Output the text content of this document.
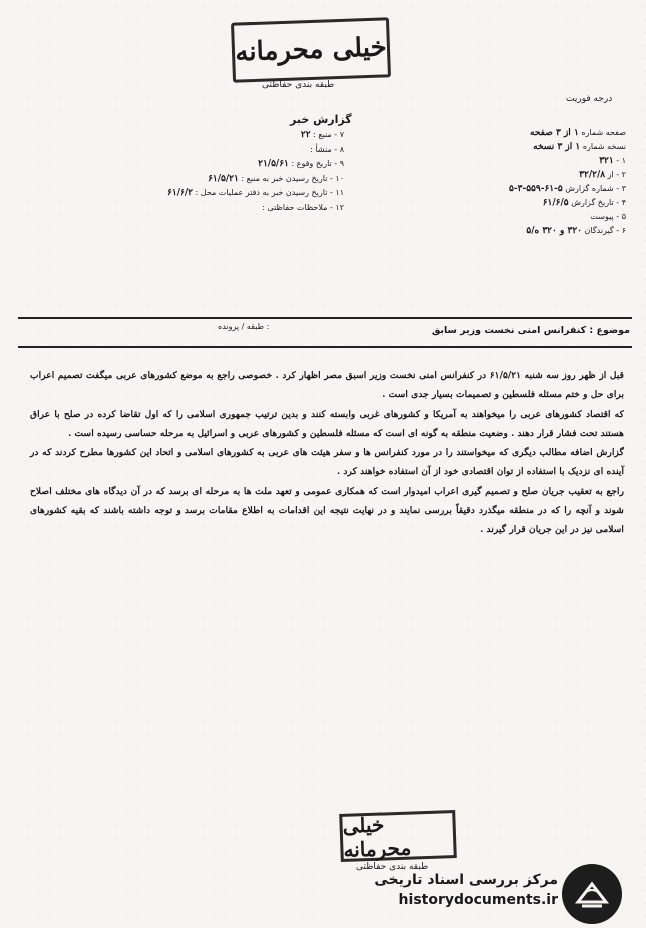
خیلی محرمانه
طبقه بندی حفاظتی
درجه فوریت
گزارش خبر
۷ - منبع : ۲۲
۸ - منشأ :
۹ - تاریخ وقوع : ۲۱/۵/۶۱
۱۰ - تاریخ رسیدن خبر به منبع : ۶۱/۵/۲۱
۱۱ - تاریخ رسیدن خبر به دفتر عملیات محل : ۶۱/۶/۲
۱۲ - ملاحظات حفاظتی :
صفحه شماره ۱ از ۳ صفحه
نسخه شماره ۱ از ۳ نسخه
۱ - ۳۲۱
۲ - از ۳۲/۲/۸
۳ - شماره گزارش ۵-۶۱-۵۵۹-۳-۵
۴ - تاریخ گزارش ۶۱/۶/۵
۵ - پیوست
۶ - گیرندگان ۳۲۰ و ۳۲۰ ه/۵
طبقه / پرونده :	موضوع : کنفرانس امنی نخست وزیر سابق

قبل از ظهر روز سه شنبه ۶۱/۵/۲۱ در کنفرانس امنی نخست وزیر اسبق مصر اظهار کرد . خصوصی راجع به موضع کشورهای عربی میگفت تصمیم اعراب برای حل و ختم مسئله فلسطین و تصمیمات بسیار جدی است .

که اقتصاد کشورهای عربی را میخواهند به آمریکا و کشورهای غربی وابسته کنند و بدین ترتیب جمهوری اسلامی را که اول تقاضا کرده در صلح با عراق هستند تحت فشار قرار دهند . وضعیت منطقه به گونه ای است که مسئله فلسطین و کشورهای عربی و اسرائیل به مرحله حساسی رسیده است .

گزارش اضافه مطالب دیگری که میخواستند را در مورد کنفرانس ها و سفر هیئت های عربی به کشورهای اسلامی و اتحاد این کشورها مطرح کردند که در آینده ای نزدیک با استفاده از توان اقتصادی خود از آن استفاده خواهند کرد .

راجع به تعقیب جریان صلح و تصمیم گیری اعراب امیدوار است که همکاری عمومی و تعهد ملت ها به مرحله ای برسد که در آن دیدگاه های مختلف اصلاح شوند و آنچه را که در منطقه میگذرد دقیقاً بررسی نمایند و در نهایت نتیجه این اقدامات به اطلاع مقامات برسد و توجه داشته باشند که بقیه کشورهای اسلامی نیز در این جریان قرار گیرند .

خیلی محرمانه
طبقه بندی حفاظتی
مرکز بررسی اسناد تاریخی
historydocuments.ir
